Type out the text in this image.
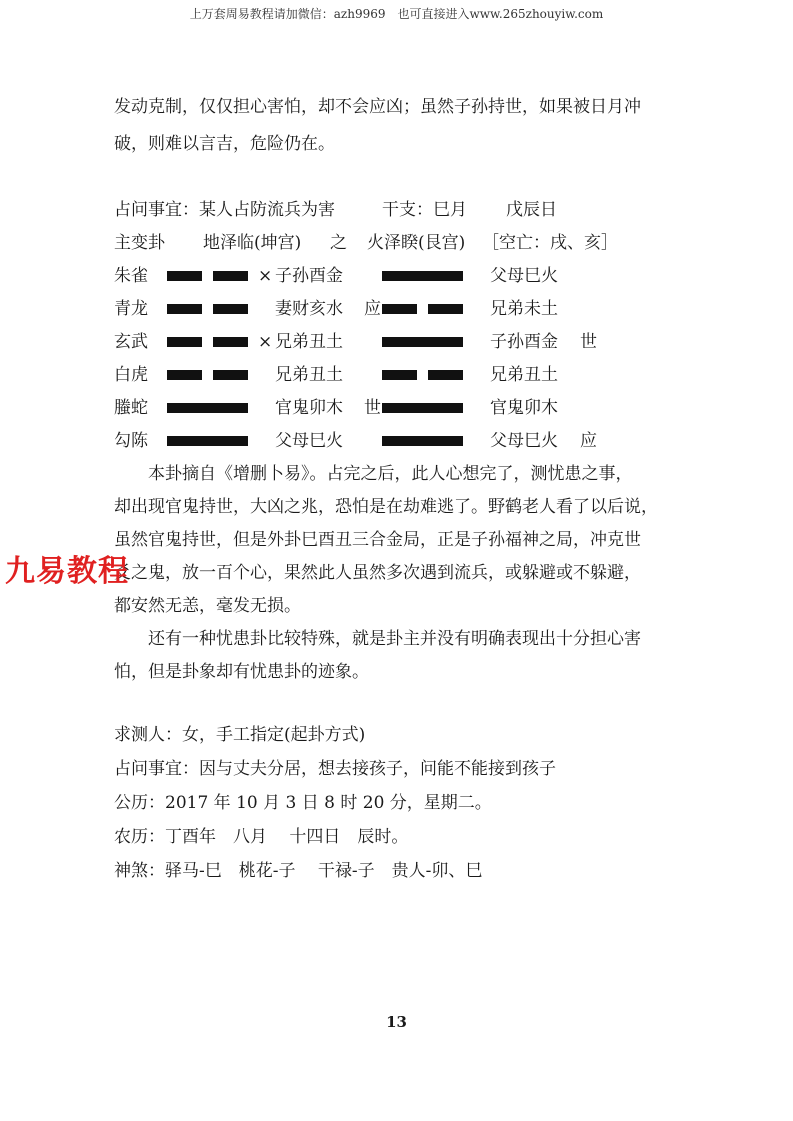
上万套周易教程请加微信：azh9969　也可直接进入www.265zhouyiw.com
发动克制，仅仅担心害怕，却不会应凶；虽然子孙持世，如果被日月冲
破，则难以言吉，危险仍在。
占问事宜：某人占防流兵为害	干支：巳月 戊辰日
主变卦 地泽临(坤宫) 之 火泽睽(艮宫) ［空亡：戌、亥］
朱雀	× 子孙酉金	父母巳火
青龙	妻财亥水 应	兄弟未土
玄武	× 兄弟丑土	子孙酉金 世
白虎	兄弟丑土	兄弟丑土
螣蛇	官鬼卯木 世	官鬼卯木
勾陈	父母巳火	父母巳火 应
本卦摘自《增删卜易》。占完之后，此人心想完了，测忧患之事，
却出现官鬼持世，大凶之兆，恐怕是在劫难逃了。野鹤老人看了以后说，
虽然官鬼持世，但是外卦巳酉丑三合金局，正是子孙福神之局，冲克世
爻之鬼，放一百个心，果然此人虽然多次遇到流兵，或躲避或不躲避，
都安然无恙，毫发无损。
还有一种忧患卦比较特殊，就是卦主并没有明确表现出十分担心害
怕，但是卦象却有忧患卦的迹象。
求测人：女，手工指定(起卦方式)
占问事宜：因与丈夫分居，想去接孩子，问能不能接到孩子
公历：2017 年 10 月 3 日 8 时 20 分，星期二。
农历：丁酉年　八月　 十四日　辰时。
神煞：驿马-巳　桃花-子　 干禄-子　贵人-卯、巳
九易教程
13
